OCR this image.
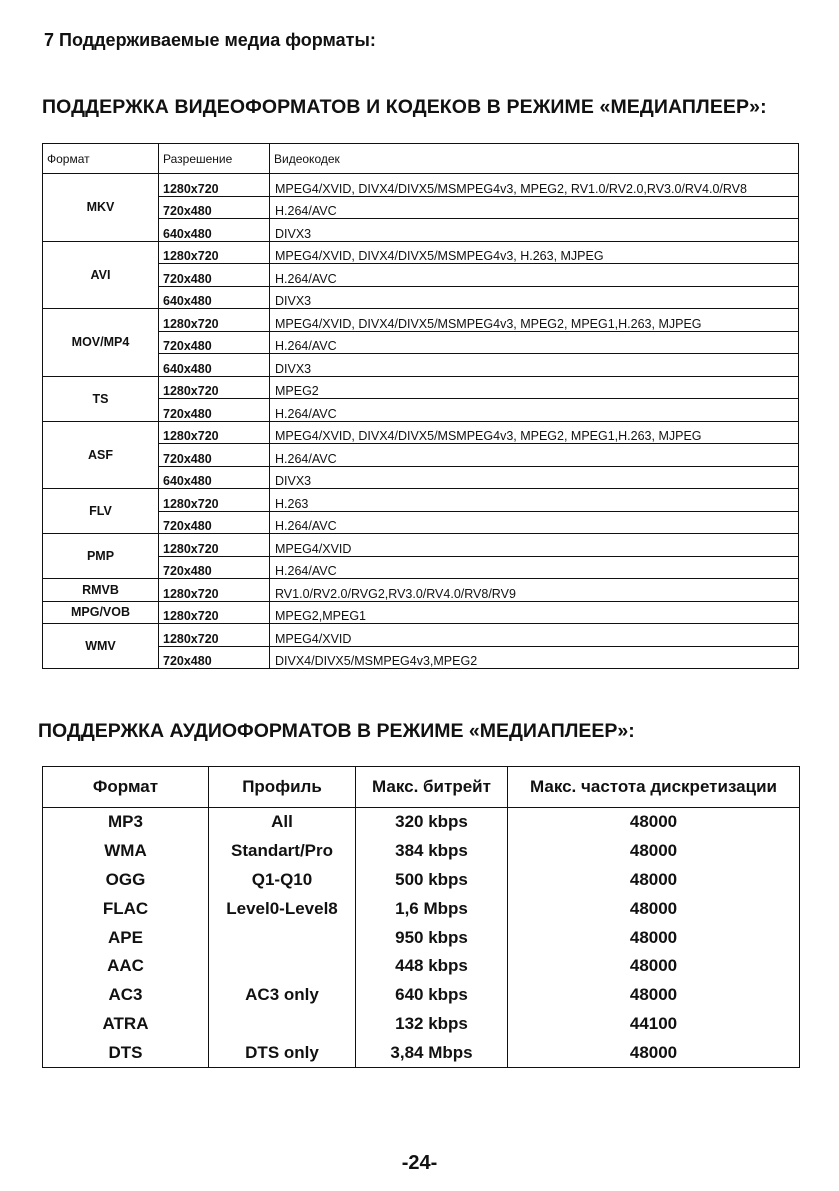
7 Поддерживаемые медиа форматы:
ПОДДЕРЖКА ВИДЕОФОРМАТОВ И КОДЕКОВ В РЕЖИМЕ «МЕДИАПЛЕЕР»:
Формат	Разрешение	Видеокодек
MKV	1280x720	MPEG4/XVID, DIVX4/DIVX5/MSMPEG4v3, MPEG2, RV1.0/RV2.0,RV3.0/RV4.0/RV8
	720x480	H.264/AVC
	640x480	DIVX3
AVI	1280x720	MPEG4/XVID, DIVX4/DIVX5/MSMPEG4v3, H.263, MJPEG
	720x480	H.264/AVC
	640x480	DIVX3
MOV/MP4	1280x720	MPEG4/XVID, DIVX4/DIVX5/MSMPEG4v3, MPEG2, MPEG1,H.263, MJPEG
	720x480	H.264/AVC
	640x480	DIVX3
TS	1280x720	MPEG2
	720x480	H.264/AVC
ASF	1280x720	MPEG4/XVID, DIVX4/DIVX5/MSMPEG4v3, MPEG2, MPEG1,H.263, MJPEG
	720x480	H.264/AVC
	640x480	DIVX3
FLV	1280x720	H.263
	720x480	H.264/AVC
PMP	1280x720	MPEG4/XVID
	720x480	H.264/AVC
RMVB	1280x720	RV1.0/RV2.0/RVG2,RV3.0/RV4.0/RV8/RV9
MPG/VOB	1280x720	MPEG2,MPEG1
WMV	1280x720	MPEG4/XVID
	720x480	DIVX4/DIVX5/MSMPEG4v3,MPEG2
ПОДДЕРЖКА АУДИОФОРМАТОВ В РЕЖИМЕ «МЕДИАПЛЕЕР»:
Формат	Профиль	Макс. битрейт	Макс. частота дискретизации
MP3	All	320 kbps	48000
WMA	Standart/Pro	384 kbps	48000
OGG	Q1-Q10	500 kbps	48000
FLAC	Level0-Level8	1,6 Mbps	48000
APE		950 kbps	48000
AAC		448 kbps	48000
AC3	AC3 only	640 kbps	48000
ATRA		132 kbps	44100
DTS	DTS only	3,84 Mbps	48000
-24-
